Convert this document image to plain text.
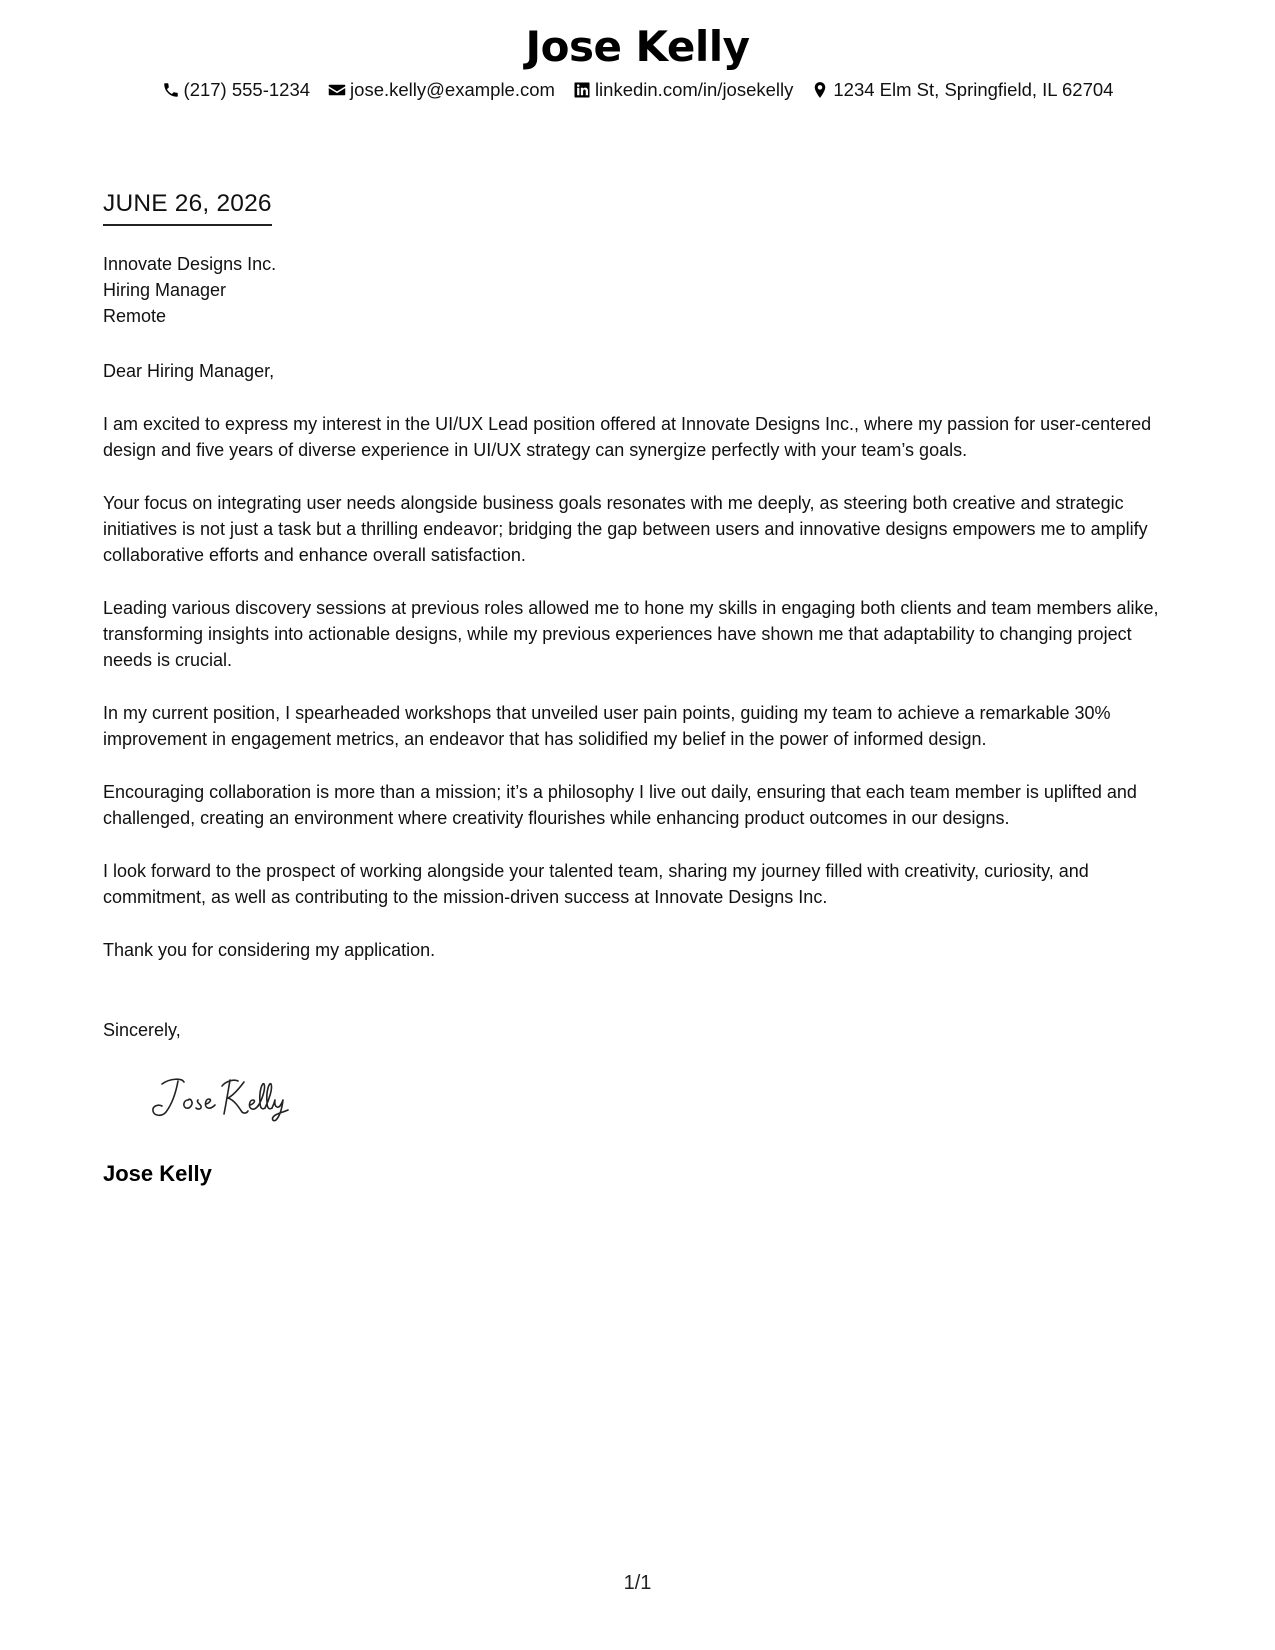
Jose Kelly
(217) 555-1234 jose.kelly@example.com linkedin.com/in/josekelly 1234 Elm St, Springfield, IL 62704
JUNE 26, 2026
Innovate Designs Inc.
Hiring Manager
Remote

Dear Hiring Manager,

I am excited to express my interest in the UI/UX Lead position offered at Innovate Designs Inc., where my passion for user-centered design and five years of diverse experience in UI/UX strategy can synergize perfectly with your team’s goals.

Your focus on integrating user needs alongside business goals resonates with me deeply, as steering both creative and strategic initiatives is not just a task but a thrilling endeavor; bridging the gap between users and innovative designs empowers me to amplify collaborative efforts and enhance overall satisfaction.

Leading various discovery sessions at previous roles allowed me to hone my skills in engaging both clients and team members alike, transforming insights into actionable designs, while my previous experiences have shown me that adaptability to changing project needs is crucial.

In my current position, I spearheaded workshops that unveiled user pain points, guiding my team to achieve a remarkable 30% improvement in engagement metrics, an endeavor that has solidified my belief in the power of informed design.

Encouraging collaboration is more than a mission; it’s a philosophy I live out daily, ensuring that each team member is uplifted and challenged, creating an environment where creativity flourishes while enhancing product outcomes in our designs.

I look forward to the prospect of working alongside your talented team, sharing my journey filled with creativity, curiosity, and commitment, as well as contributing to the mission-driven success at Innovate Designs Inc.

Thank you for considering my application.

Sincerely,
Jose Kelly
1/1
